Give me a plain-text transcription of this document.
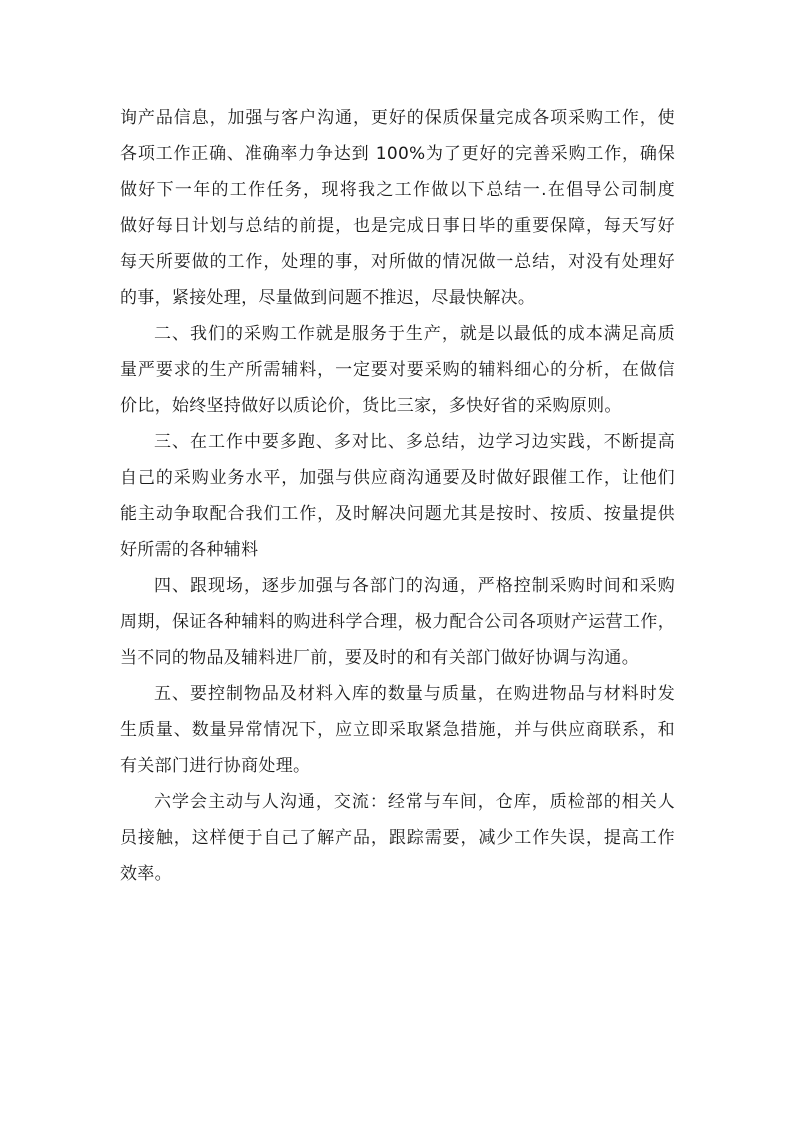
询产品信息，加强与客户沟通，更好的保质保量完成各项采购工作，使
各项工作正确、准确率力争达到 100%为了更好的完善采购工作，确保
做好下一年的工作任务，现将我之工作做以下总结一.在倡导公司制度
做好每日计划与总结的前提，也是完成日事日毕的重要保障，每天写好
每天所要做的工作，处理的事，对所做的情况做一总结，对没有处理好
的事，紧接处理，尽量做到问题不推迟，尽最快解决。
二、我们的采购工作就是服务于生产，就是以最低的成本满足高质
量严要求的生产所需辅料，一定要对要采购的辅料细心的分析，在做信
价比，始终坚持做好以质论价，货比三家，多快好省的采购原则。
三、在工作中要多跑、多对比、多总结，边学习边实践，不断提高
自己的采购业务水平，加强与供应商沟通要及时做好跟催工作，让他们
能主动争取配合我们工作，及时解决问题尤其是按时、按质、按量提供
好所需的各种辅料
四、跟现场，逐步加强与各部门的沟通，严格控制采购时间和采购
周期，保证各种辅料的购进科学合理，极力配合公司各项财产运营工作，
当不同的物品及辅料进厂前，要及时的和有关部门做好协调与沟通。
五、要控制物品及材料入库的数量与质量，在购进物品与材料时发
生质量、数量异常情况下，应立即采取紧急措施，并与供应商联系，和
有关部门进行协商处理。
六学会主动与人沟通，交流：经常与车间，仓库，质检部的相关人
员接触，这样便于自己了解产品，跟踪需要，减少工作失误，提高工作
效率。
